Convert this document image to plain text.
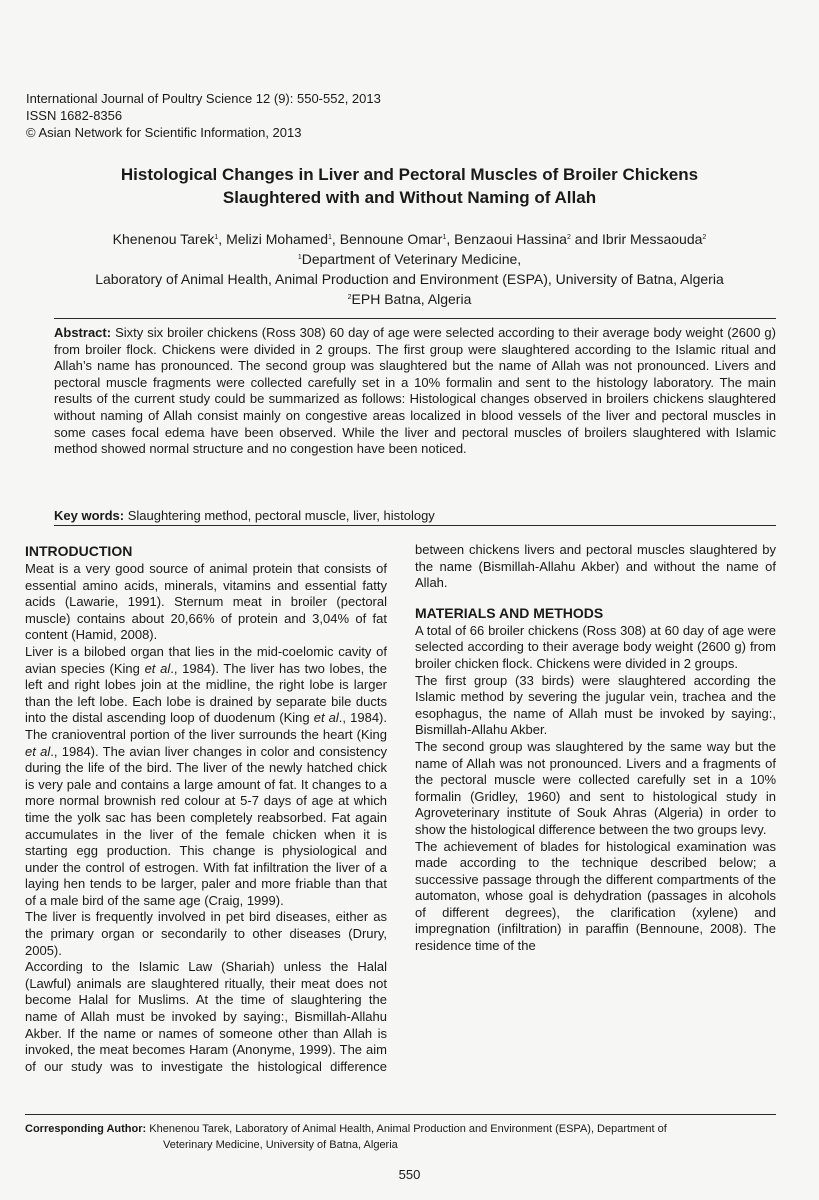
International Journal of Poultry Science 12 (9): 550-552, 2013
ISSN 1682-8356
© Asian Network for Scientific Information, 2013
Histological Changes in Liver and Pectoral Muscles of Broiler Chickens
Slaughtered with and Without Naming of Allah
Khenenou Tarek$^1$, Melizi Mohamed$^1$, Bennoune Omar$^1$, Benzaoui Hassina$^2$ and Ibrir Messaouda$^2$
$^1$Department of Veterinary Medicine,
Laboratory of Animal Health, Animal Production and Environment (ESPA), University of Batna, Algeria
$^2$EPH Batna, Algeria
Abstract: Sixty six broiler chickens (Ross 308) 60 day of age were selected according to their average body weight (2600 g) from broiler flock. Chickens were divided in 2 groups. The first group were slaughtered according to the Islamic ritual and Allah’s name has pronounced. The second group was slaughtered but the name of Allah was not pronounced. Livers and pectoral muscle fragments were collected carefully set in a 10% formalin and sent to the histology laboratory. The main results of the current study could be summarized as follows: Histological changes observed in broilers chickens slaughtered without naming of Allah consist mainly on congestive areas localized in blood vessels of the liver and pectoral muscles in some cases focal edema have been observed. While the liver and pectoral muscles of broilers slaughtered with Islamic method showed normal structure and no congestion have been noticed.
Key words: Slaughtering method, pectoral muscle, liver, histology
INTRODUCTION

Meat is a very good source of animal protein that consists of essential amino acids, minerals, vitamins and essential fatty acids (Lawarie, 1991). Sternum meat in broiler (pectoral muscle) contains about 20,66% of protein and 3,04% of fat content (Hamid, 2008).

Liver is a bilobed organ that lies in the mid-coelomic cavity of avian species (King et al., 1984). The liver has two lobes, the left and right lobes join at the midline, the right lobe is larger than the left lobe. Each lobe is drained by separate bile ducts into the distal ascending loop of duodenum (King et al., 1984). The cranioventral portion of the liver surrounds the heart (King et al., 1984). The avian liver changes in color and consistency during the life of the bird. The liver of the newly hatched chick is very pale and contains a large amount of fat. It changes to a more normal brownish red colour at 5-7 days of age at which time the yolk sac has been completely reabsorbed. Fat again accumulates in the liver of the female chicken when it is starting egg production. This change is physiological and under the control of estrogen. With fat infiltration the liver of a laying hen tends to be larger, paler and more friable than that of a male bird of the same age (Craig, 1999).

The liver is frequently involved in pet bird diseases, either as the primary organ or secondarily to other diseases (Drury, 2005).

According to the Islamic Law (Shariah) unless the Halal (Lawful) animals are slaughtered ritually, their meat does not become Halal for Muslims. At the time of slaughtering the name of Allah must be invoked by saying:, Bismillah-Allahu Akber. If the name or names of someone other than Allah is invoked, the meat becomes Haram (Anonyme, 1999). The aim of our study was to investigate the histological difference

between chickens livers and pectoral muscles slaughtered by the name (Bismillah-Allahu Akber) and without the name of Allah.

MATERIALS AND METHODS

A total of 66 broiler chickens (Ross 308) at 60 day of age were selected according to their average body weight (2600 g) from broiler chicken flock. Chickens were divided in 2 groups.

The first group (33 birds) were slaughtered according the Islamic method by severing the jugular vein, trachea and the esophagus, the name of Allah must be invoked by saying:, Bismillah-Allahu Akber.

The second group was slaughtered by the same way but the name of Allah was not pronounced. Livers and a fragments of the pectoral muscle were collected carefully set in a 10% formalin (Gridley, 1960) and sent to histological study in Agroveterinary institute of Souk Ahras (Algeria) in order to show the histological difference between the two groups levy.

The achievement of blades for histological examination was made according to the technique described below; a successive passage through the different compartments of the automaton, whose goal is dehydration (passages in alcohols of different degrees), the clarification (xylene) and impregnation (infiltration) in paraffin (Bennoune, 2008). The residence time of the

Corresponding Author: Khenenou Tarek, Laboratory of Animal Health, Animal Production and Environment (ESPA), Department of
Veterinary Medicine, University of Batna, Algeria
550
